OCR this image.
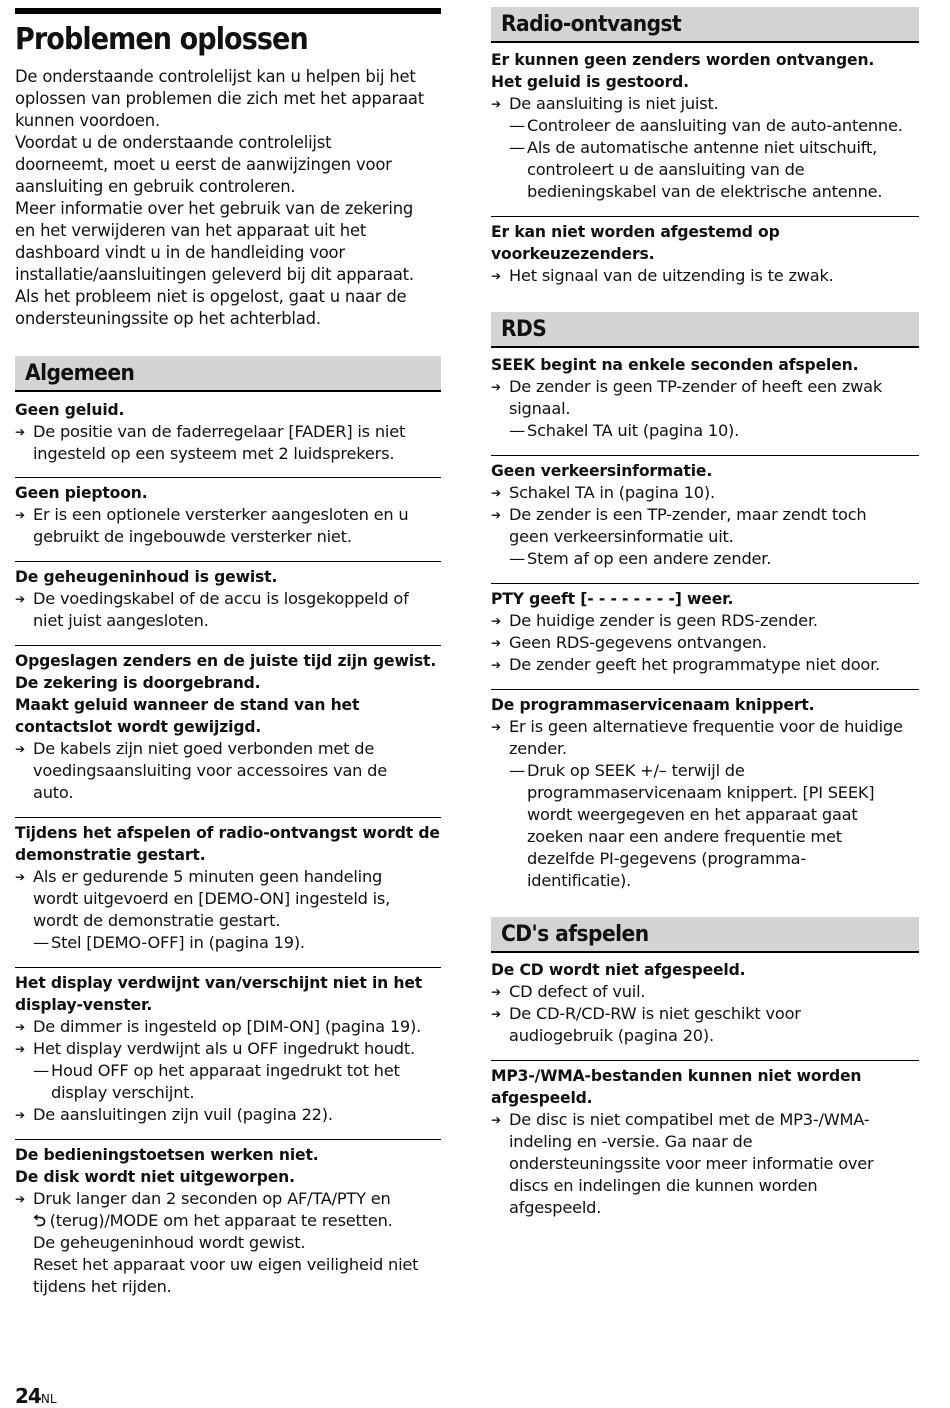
Problemen oplossen
De onderstaande controlelijst kan u helpen bij het
oplossen van problemen die zich met het apparaat
kunnen voordoen.
Voordat u de onderstaande controlelijst
doorneemt, moet u eerst de aanwijzingen voor
aansluiting en gebruik controleren.
Meer informatie over het gebruik van de zekering
en het verwijderen van het apparaat uit het
dashboard vindt u in de handleiding voor
installatie/aansluitingen geleverd bij dit apparaat.
Als het probleem niet is opgelost, gaat u naar de
ondersteuningssite op het achterblad.
Algemeen
Geen geluid.
➔ De positie van de faderregelaar [FADER] is niet
ingesteld op een systeem met 2 luidsprekers.
Geen pieptoon.
➔ Er is een optionele versterker aangesloten en u
gebruikt de ingebouwde versterker niet.
De geheugeninhoud is gewist.
➔ De voedingskabel of de accu is losgekoppeld of
niet juist aangesloten.
Opgeslagen zenders en de juiste tijd zijn gewist.
De zekering is doorgebrand.
Maakt geluid wanneer de stand van het
contactslot wordt gewijzigd.
➔ De kabels zijn niet goed verbonden met de
voedingsaansluiting voor accessoires van de
auto.
Tijdens het afspelen of radio-ontvangst wordt de
demonstratie gestart.
➔ Als er gedurende 5 minuten geen handeling
wordt uitgevoerd en [DEMO-ON] ingesteld is,
wordt de demonstratie gestart.
— Stel [DEMO-OFF] in (pagina 19).
Het display verdwijnt van/verschijnt niet in het
display-venster.
➔ De dimmer is ingesteld op [DIM-ON] (pagina 19).
➔ Het display verdwijnt als u OFF ingedrukt houdt.
— Houd OFF op het apparaat ingedrukt tot het
display verschijnt.
➔ De aansluitingen zijn vuil (pagina 22).
De bedieningstoetsen werken niet.
De disk wordt niet uitgeworpen.
➔ Druk langer dan 2 seconden op AF/TA/PTY en
⮌ (terug)/MODE om het apparaat te resetten.
De geheugeninhoud wordt gewist.
Reset het apparaat voor uw eigen veiligheid niet
tijdens het rijden.
Radio-ontvangst
Er kunnen geen zenders worden ontvangen.
Het geluid is gestoord.
➔ De aansluiting is niet juist.
— Controleer de aansluiting van de auto-antenne.
— Als de automatische antenne niet uitschuift,
controleert u de aansluiting van de
bedieningskabel van de elektrische antenne.
Er kan niet worden afgestemd op
voorkeuzezenders.
➔ Het signaal van de uitzending is te zwak.
RDS
SEEK begint na enkele seconden afspelen.
➔ De zender is geen TP-zender of heeft een zwak
signaal.
— Schakel TA uit (pagina 10).
Geen verkeersinformatie.
➔ Schakel TA in (pagina 10).
➔ De zender is een TP-zender, maar zendt toch
geen verkeersinformatie uit.
— Stem af op een andere zender.
PTY geeft [- - - - - - - -] weer.
➔ De huidige zender is geen RDS-zender.
➔ Geen RDS-gegevens ontvangen.
➔ De zender geeft het programmatype niet door.
De programmaservicenaam knippert.
➔ Er is geen alternatieve frequentie voor de huidige
zender.
— Druk op SEEK +/– terwijl de
programmaservicenaam knippert. [PI SEEK]
wordt weergegeven en het apparaat gaat
zoeken naar een andere frequentie met
dezelfde PI-gegevens (programma-
identificatie).
CD's afspelen
De CD wordt niet afgespeeld.
➔ CD defect of vuil.
➔ De CD-R/CD-RW is niet geschikt voor
audiogebruik (pagina 20).
MP3-/WMA-bestanden kunnen niet worden
afgespeeld.
➔ De disc is niet compatibel met de MP3-/WMA-
indeling en -versie. Ga naar de
ondersteuningssite voor meer informatie over
discs en indelingen die kunnen worden
afgespeeld.
24NL
